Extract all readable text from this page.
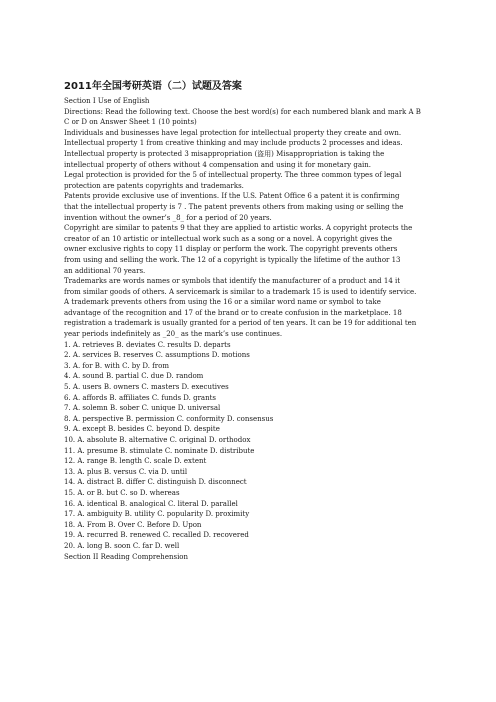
2011年全国考研英语（二）试题及答案
Section I Use of English
Directions: Read the following text. Choose the best word(s) for each numbered blank and mark A B
C or D on Answer Sheet 1 (10 points)
Individuals and businesses have legal protection for intellectual property they create and own.
Intellectual property 1 from creative thinking and may include products 2 processes and ideas.
Intellectual property is protected 3 misappropriation (盗用) Misappropriation is taking the
intellectual property of others without 4 compensation and using it for monetary gain.
Legal protection is provided for the 5 of intellectual property. The three common types of legal
protection are patents copyrights and trademarks.
Patents provide exclusive use of inventions. If the U.S. Patent Office 6 a patent it is confirming
that the intellectual property is 7 . The patent prevents others from making using or selling the
invention without the owner’s _8_ for a period of 20 years.
Copyright are similar to patents 9 that they are applied to artistic works. A copyright protects the
creator of an 10 artistic or intellectual work such as a song or a novel. A copyright gives the
owner exclusive rights to copy 11 display or perform the work. The copyright prevents others
from using and selling the work. The 12 of a copyright is typically the lifetime of the author 13
an additional 70 years.
Trademarks are words names or symbols that identify the manufacturer of a product and 14 it
from similar goods of others. A servicemark is similar to a trademark 15 is used to identify service.
A trademark prevents others from using the 16 or a similar word name or symbol to take
advantage of the recognition and 17 of the brand or to create confusion in the marketplace. 18
registration a trademark is usually granted for a period of ten years. It can be 19 for additional ten
year periods indefinitely as _20_ as the mark’s use continues.
1. A. retrieves B. deviates C. results D. departs
2. A. services B. reserves C. assumptions D. motions
3. A. for B. with C. by D. from
4. A. sound B. partial C. due D. random
5. A. users B. owners C. masters D. executives
6. A. affords B. affiliates C. funds D. grants
7. A. solemn B. sober C. unique D. universal
8. A. perspective B. permission C. conformity D. consensus
9. A. except B. besides C. beyond D. despite
10. A. absolute B. alternative C. original D. orthodox
11. A. presume B. stimulate C. nominate D. distribute
12. A. range B. length C. scale D. extent
13. A. plus B. versus C. via D. until
14. A. distract B. differ C. distinguish D. disconnect
15. A. or B. but C. so D. whereas
16. A. identical B. analogical C. literal D. parallel
17. A. ambiguity B. utility C. popularity D. proximity
18. A. From B. Over C. Before D. Upon
19. A. recurred B. renewed C. recalled D. recovered
20. A. long B. soon C. far D. well
Section II Reading Comprehension
